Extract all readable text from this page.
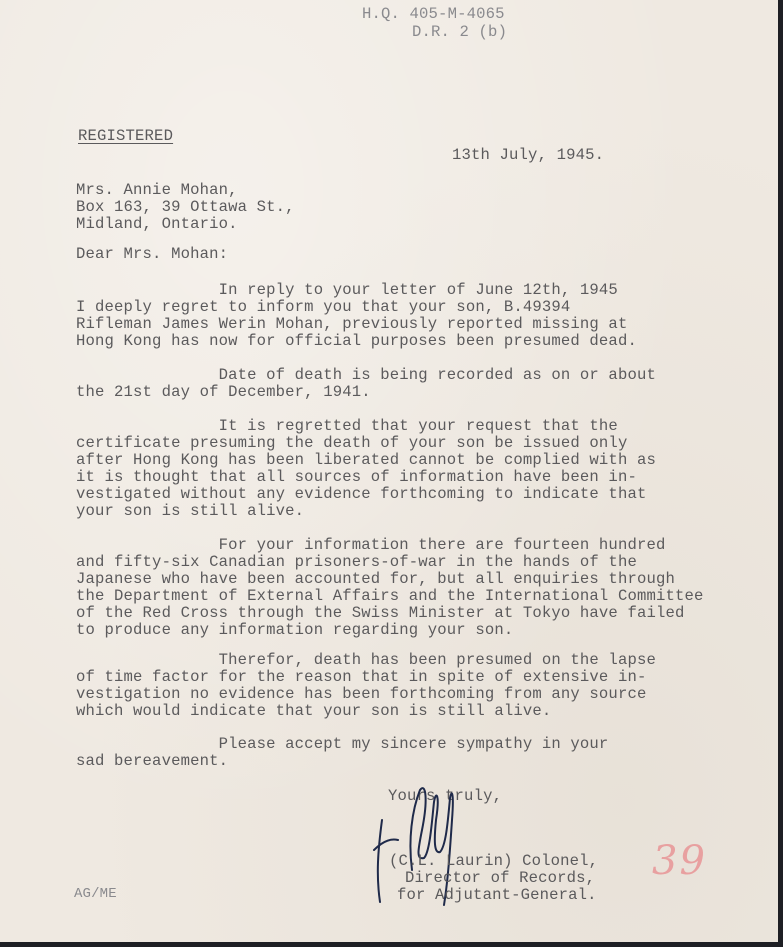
H.Q. 405-M-4065
D.R. 2 (b)
REGISTERED
13th July, 1945.
Mrs. Annie Mohan,
Box 163, 39 Ottawa St.,
Midland, Ontario.
Dear Mrs. Mohan:
In reply to your letter of June 12th, 1945
I deeply regret to inform you that your son, B.49394
Rifleman James Werin Mohan, previously reported missing at
Hong Kong has now for official purposes been presumed dead.
Date of death is being recorded as on or about
the 21st day of December, 1941.
It is regretted that your request that the
certificate presuming the death of your son be issued only
after Hong Kong has been liberated cannot be complied with as
it is thought that all sources of information have been in-
vestigated without any evidence forthcoming to indicate that
your son is still alive.
For your information there are fourteen hundred
and fifty-six Canadian prisoners-of-war in the hands of the
Japanese who have been accounted for, but all enquiries through
the Department of External Affairs and the International Committee
of the Red Cross through the Swiss Minister at Tokyo have failed
to produce any information regarding your son.
Therefor, death has been presumed on the lapse
of time factor for the reason that in spite of extensive in-
vestigation no evidence has been forthcoming from any source
which would indicate that your son is still alive.
Please accept my sincere sympathy in your
sad bereavement.
Yours truly,
(C.L. Laurin) Colonel,
Director of Records,
for Adjutant-General.
39
AG/ME
